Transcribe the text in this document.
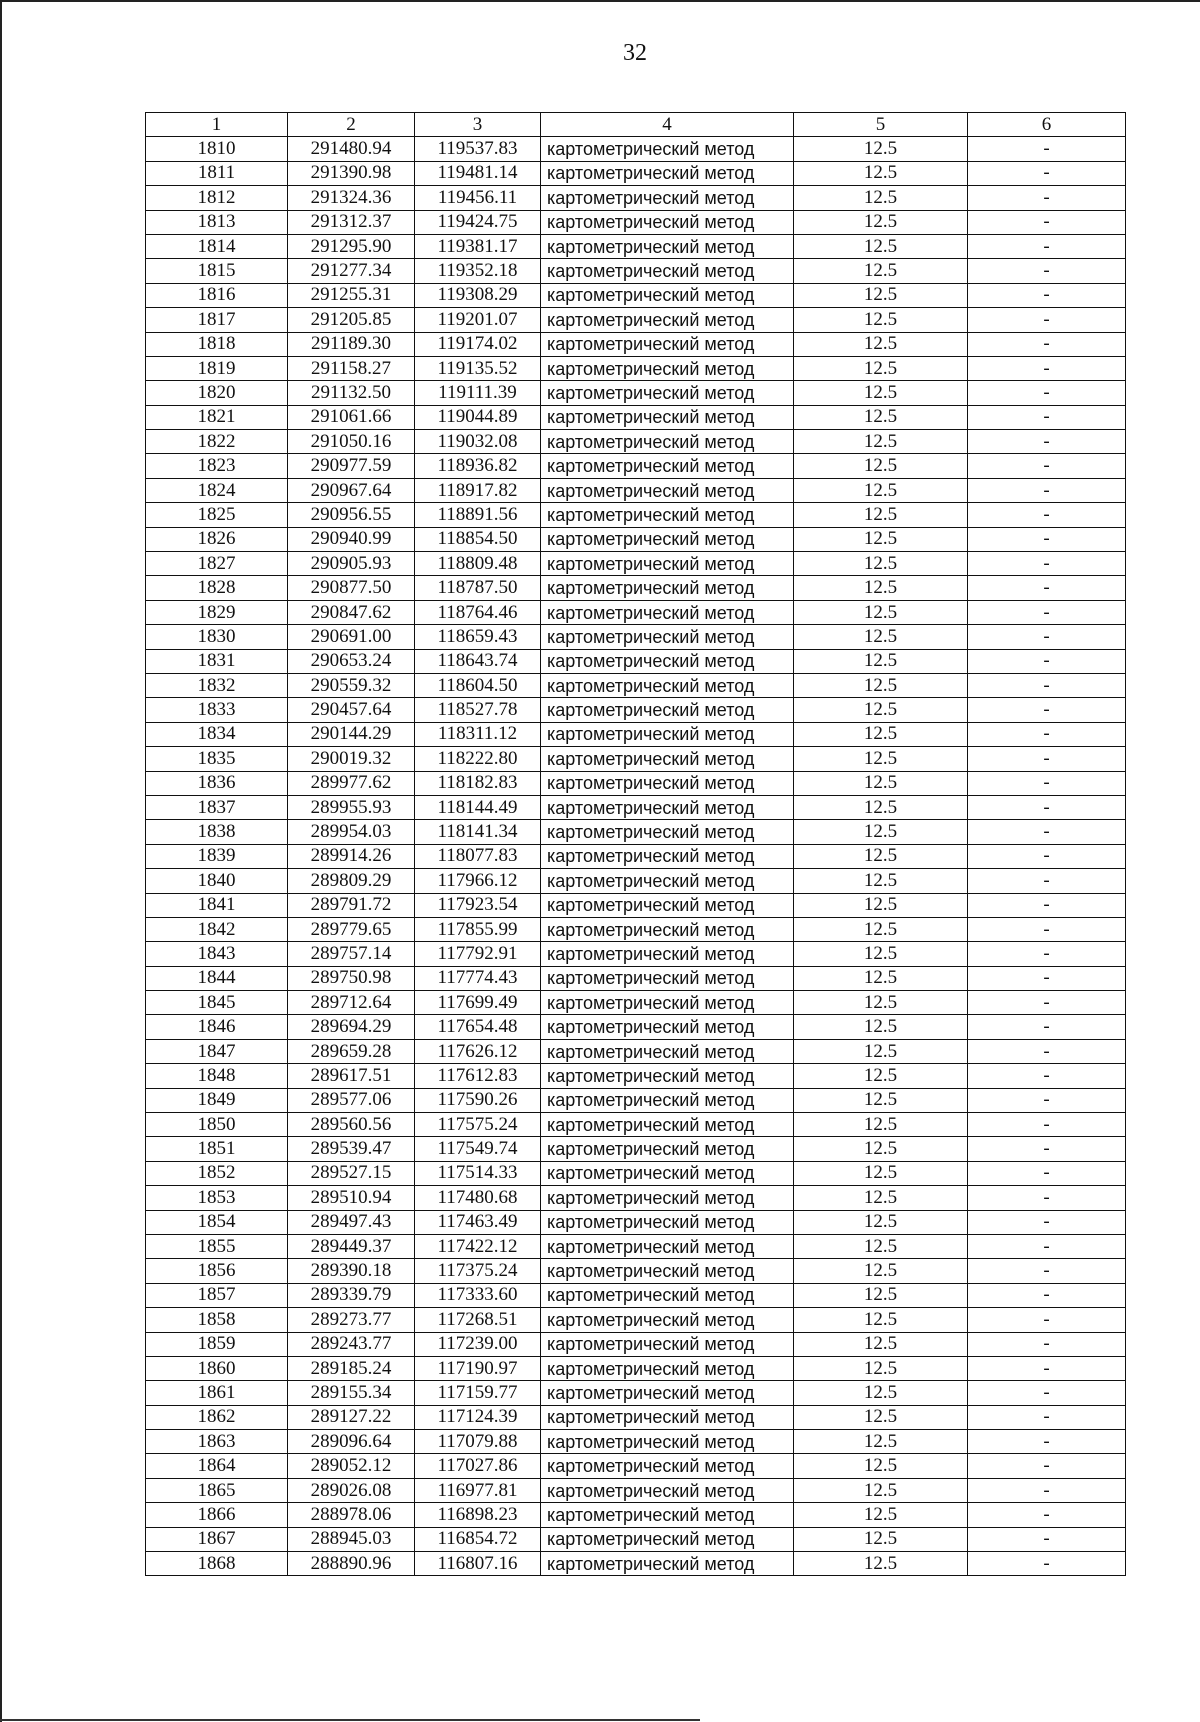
32
1	2	3	4	5	6
1810	291480.94	119537.83	картометрический метод	12.5	-
1811	291390.98	119481.14	картометрический метод	12.5	-
1812	291324.36	119456.11	картометрический метод	12.5	-
1813	291312.37	119424.75	картометрический метод	12.5	-
1814	291295.90	119381.17	картометрический метод	12.5	-
1815	291277.34	119352.18	картометрический метод	12.5	-
1816	291255.31	119308.29	картометрический метод	12.5	-
1817	291205.85	119201.07	картометрический метод	12.5	-
1818	291189.30	119174.02	картометрический метод	12.5	-
1819	291158.27	119135.52	картометрический метод	12.5	-
1820	291132.50	119111.39	картометрический метод	12.5	-
1821	291061.66	119044.89	картометрический метод	12.5	-
1822	291050.16	119032.08	картометрический метод	12.5	-
1823	290977.59	118936.82	картометрический метод	12.5	-
1824	290967.64	118917.82	картометрический метод	12.5	-
1825	290956.55	118891.56	картометрический метод	12.5	-
1826	290940.99	118854.50	картометрический метод	12.5	-
1827	290905.93	118809.48	картометрический метод	12.5	-
1828	290877.50	118787.50	картометрический метод	12.5	-
1829	290847.62	118764.46	картометрический метод	12.5	-
1830	290691.00	118659.43	картометрический метод	12.5	-
1831	290653.24	118643.74	картометрический метод	12.5	-
1832	290559.32	118604.50	картометрический метод	12.5	-
1833	290457.64	118527.78	картометрический метод	12.5	-
1834	290144.29	118311.12	картометрический метод	12.5	-
1835	290019.32	118222.80	картометрический метод	12.5	-
1836	289977.62	118182.83	картометрический метод	12.5	-
1837	289955.93	118144.49	картометрический метод	12.5	-
1838	289954.03	118141.34	картометрический метод	12.5	-
1839	289914.26	118077.83	картометрический метод	12.5	-
1840	289809.29	117966.12	картометрический метод	12.5	-
1841	289791.72	117923.54	картометрический метод	12.5	-
1842	289779.65	117855.99	картометрический метод	12.5	-
1843	289757.14	117792.91	картометрический метод	12.5	-
1844	289750.98	117774.43	картометрический метод	12.5	-
1845	289712.64	117699.49	картометрический метод	12.5	-
1846	289694.29	117654.48	картометрический метод	12.5	-
1847	289659.28	117626.12	картометрический метод	12.5	-
1848	289617.51	117612.83	картометрический метод	12.5	-
1849	289577.06	117590.26	картометрический метод	12.5	-
1850	289560.56	117575.24	картометрический метод	12.5	-
1851	289539.47	117549.74	картометрический метод	12.5	-
1852	289527.15	117514.33	картометрический метод	12.5	-
1853	289510.94	117480.68	картометрический метод	12.5	-
1854	289497.43	117463.49	картометрический метод	12.5	-
1855	289449.37	117422.12	картометрический метод	12.5	-
1856	289390.18	117375.24	картометрический метод	12.5	-
1857	289339.79	117333.60	картометрический метод	12.5	-
1858	289273.77	117268.51	картометрический метод	12.5	-
1859	289243.77	117239.00	картометрический метод	12.5	-
1860	289185.24	117190.97	картометрический метод	12.5	-
1861	289155.34	117159.77	картометрический метод	12.5	-
1862	289127.22	117124.39	картометрический метод	12.5	-
1863	289096.64	117079.88	картометрический метод	12.5	-
1864	289052.12	117027.86	картометрический метод	12.5	-
1865	289026.08	116977.81	картометрический метод	12.5	-
1866	288978.06	116898.23	картометрический метод	12.5	-
1867	288945.03	116854.72	картометрический метод	12.5	-
1868	288890.96	116807.16	картометрический метод	12.5	-
